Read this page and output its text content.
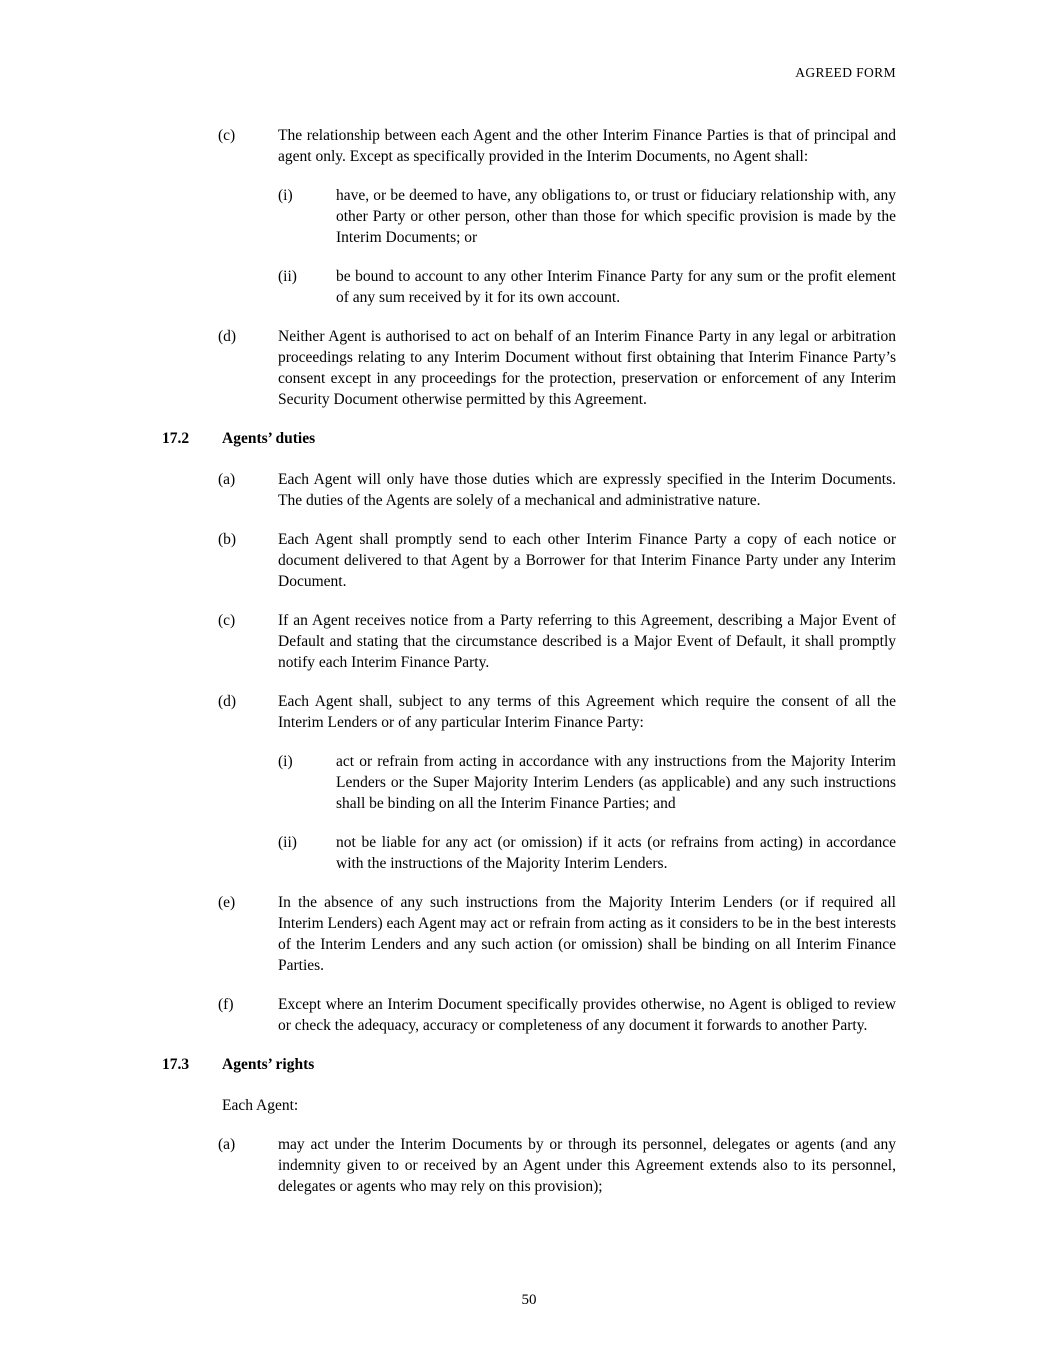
AGREED FORM
(c)	The relationship between each Agent and the other Interim Finance Parties is that of principal and agent only. Except as specifically provided in the Interim Documents, no Agent shall:
(i)	have, or be deemed to have, any obligations to, or trust or fiduciary relationship with, any other Party or other person, other than those for which specific provision is made by the Interim Documents; or
(ii)	be bound to account to any other Interim Finance Party for any sum or the profit element of any sum received by it for its own account.
(d)	Neither Agent is authorised to act on behalf of an Interim Finance Party in any legal or arbitration proceedings relating to any Interim Document without first obtaining that Interim Finance Party’s consent except in any proceedings for the protection, preservation or enforcement of any Interim Security Document otherwise permitted by this Agreement.
17.2 Agents’ duties
(a)	Each Agent will only have those duties which are expressly specified in the Interim Documents. The duties of the Agents are solely of a mechanical and administrative nature.
(b)	Each Agent shall promptly send to each other Interim Finance Party a copy of each notice or document delivered to that Agent by a Borrower for that Interim Finance Party under any Interim Document.
(c)	If an Agent receives notice from a Party referring to this Agreement, describing a Major Event of Default and stating that the circumstance described is a Major Event of Default, it shall promptly notify each Interim Finance Party.
(d)	Each Agent shall, subject to any terms of this Agreement which require the consent of all the Interim Lenders or of any particular Interim Finance Party:
(i)	act or refrain from acting in accordance with any instructions from the Majority Interim Lenders or the Super Majority Interim Lenders (as applicable) and any such instructions shall be binding on all the Interim Finance Parties; and
(ii)	not be liable for any act (or omission) if it acts (or refrains from acting) in accordance with the instructions of the Majority Interim Lenders.
(e)	In the absence of any such instructions from the Majority Interim Lenders (or if required all Interim Lenders) each Agent may act or refrain from acting as it considers to be in the best interests of the Interim Lenders and any such action (or omission) shall be binding on all Interim Finance Parties.
(f)	Except where an Interim Document specifically provides otherwise, no Agent is obliged to review or check the adequacy, accuracy or completeness of any document it forwards to another Party.
17.3 Agents’ rights
Each Agent:
(a)	may act under the Interim Documents by or through its personnel, delegates or agents (and any indemnity given to or received by an Agent under this Agreement extends also to its personnel, delegates or agents who may rely on this provision);
50
